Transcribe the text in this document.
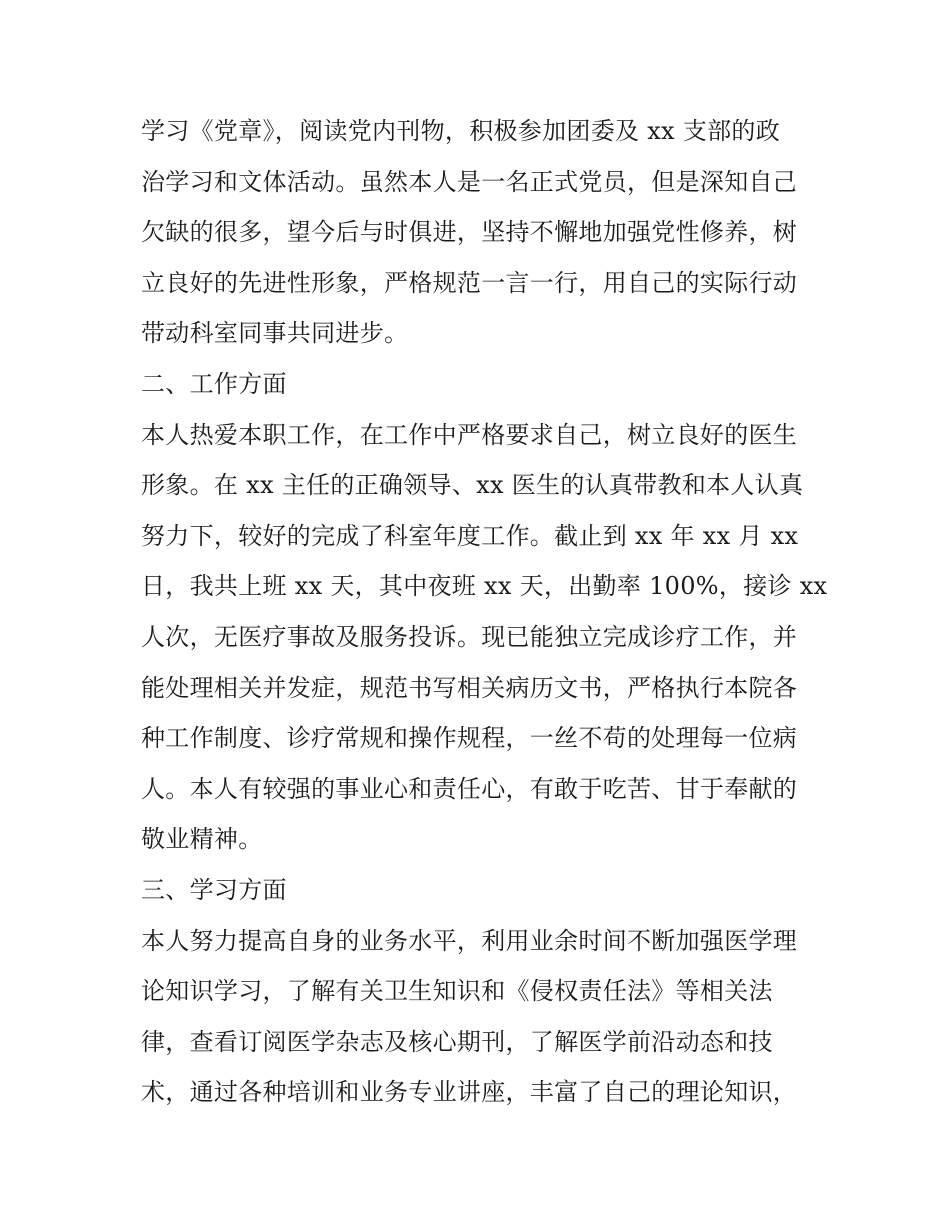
学习《党章》，阅读党内刊物，积极参加团委及 xx 支部的政
治学习和文体活动。虽然本人是一名正式党员，但是深知自己
欠缺的很多，望今后与时俱进，坚持不懈地加强党性修养，树
立良好的先进性形象，严格规范一言一行，用自己的实际行动
带动科室同事共同进步。
二、工作方面
本人热爱本职工作，在工作中严格要求自己，树立良好的医生
形象。在 xx 主任的正确领导、xx 医生的认真带教和本人认真
努力下，较好的完成了科室年度工作。截止到 xx 年 xx 月 xx
日，我共上班 xx 天，其中夜班 xx 天，出勤率 100%，接诊 xx
人次，无医疗事故及服务投诉。现已能独立完成诊疗工作，并
能处理相关并发症，规范书写相关病历文书，严格执行本院各
种工作制度、诊疗常规和操作规程，一丝不苟的处理每一位病
人。本人有较强的事业心和责任心，有敢于吃苦、甘于奉献的
敬业精神。
三、学习方面
本人努力提高自身的业务水平，利用业余时间不断加强医学理
论知识学习，了解有关卫生知识和《侵权责任法》等相关法
律，查看订阅医学杂志及核心期刊，了解医学前沿动态和技
术，通过各种培训和业务专业讲座，丰富了自己的理论知识，
